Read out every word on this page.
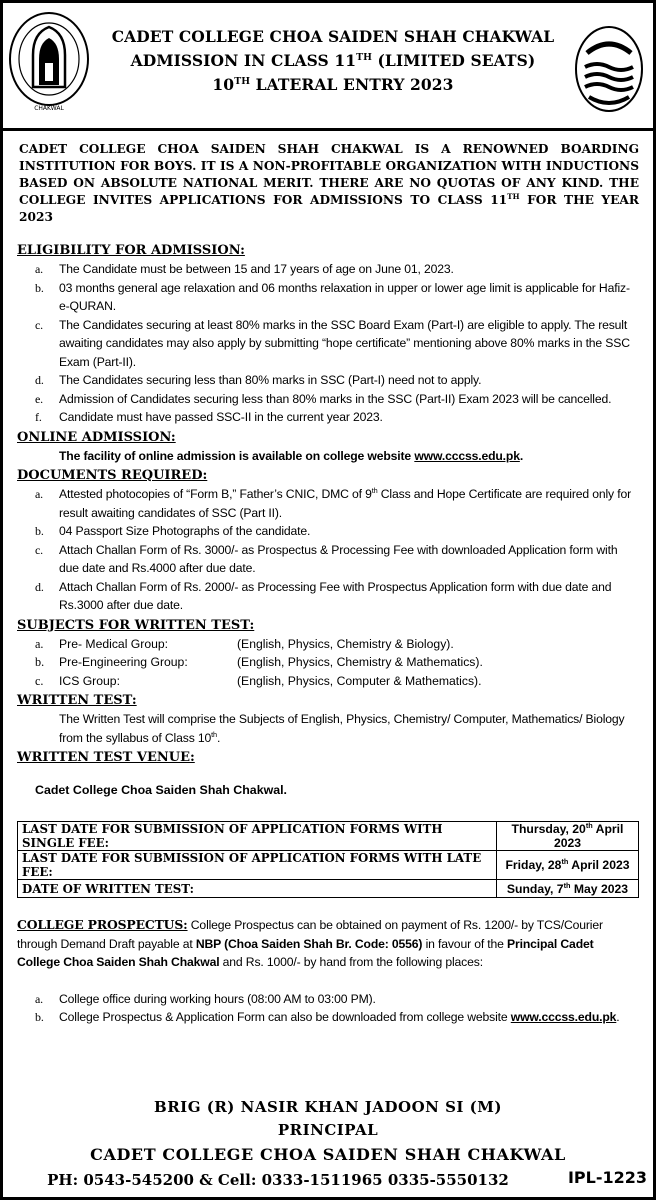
CHAKWAL
CADET COLLEGE CHOA SAIDEN SHAH CHAKWAL
ADMISSION IN CLASS 11TH (LIMITED SEATS)
10TH LATERAL ENTRY 2023
CADET COLLEGE CHOA SAIDEN SHAH CHAKWAL IS A RENOWNED BOARDING INSTITUTION FOR BOYS. IT IS A NON-PROFITABLE ORGANIZATION WITH INDUCTIONS BASED ON ABSOLUTE NATIONAL MERIT. THERE ARE NO QUOTAS OF ANY KIND. THE COLLEGE INVITES APPLICATIONS FOR ADMISSIONS TO CLASS 11TH FOR THE YEAR 2023
ELIGIBILITY FOR ADMISSION:
a. The Candidate must be between 15 and 17 years of age on June 01, 2023.
b. 03 months general age relaxation and 06 months relaxation in upper or lower age limit is applicable for Hafiz-e-QURAN.
c. The Candidates securing at least 80% marks in the SSC Board Exam (Part-I) are eligible to apply. The result awaiting candidates may also apply by submitting “hope certificate” mentioning above 80% marks in the SSC Exam (Part-II).
d. The Candidates securing less than 80% marks in SSC (Part-I) need not to apply.
e. Admission of Candidates securing less than 80% marks in the SSC (Part-II) Exam 2023 will be cancelled.
f. Candidate must have passed SSC-II in the current year 2023.
ONLINE ADMISSION:
The facility of online admission is available on college website www.cccss.edu.pk.
DOCUMENTS REQUIRED:
a. Attested photocopies of “Form B,” Father’s CNIC, DMC of 9th Class and Hope Certificate are required only for result awaiting candidates of SSC (Part II).
b. 04 Passport Size Photographs of the candidate.
c. Attach Challan Form of Rs. 3000/- as Prospectus & Processing Fee with downloaded Application form with due date and Rs.4000 after due date.
d. Attach Challan Form of Rs. 2000/- as Processing Fee with Prospectus Application form with due date and Rs.3000 after due date.
SUBJECTS FOR WRITTEN TEST:
a.	Pre- Medical Group:	(English, Physics, Chemistry & Biology).
b.	Pre-Engineering Group:	(English, Physics, Chemistry & Mathematics).
c.	ICS Group:	(English, Physics, Computer & Mathematics).
WRITTEN TEST:
The Written Test will comprise the Subjects of English, Physics, Chemistry/ Computer, Mathematics/ Biology from the syllabus of Class 10th.
WRITTEN TEST VENUE:
Cadet College Choa Saiden Shah Chakwal.
LAST DATE FOR SUBMISSION OF APPLICATION FORMS WITH SINGLE FEE:	Thursday, 20th April 2023
LAST DATE FOR SUBMISSION OF APPLICATION FORMS WITH LATE FEE:	Friday, 28th April 2023
DATE OF WRITTEN TEST:	Sunday, 7th May 2023
COLLEGE PROSPECTUS: College Prospectus can be obtained on payment of Rs. 1200/- by TCS/Courier through Demand Draft payable at NBP (Choa Saiden Shah Br. Code: 0556) in favour of the Principal Cadet College Choa Saiden Shah Chakwal and Rs. 1000/- by hand from the following places:
a. College office during working hours (08:00 AM to 03:00 PM).
b. College Prospectus & Application Form can also be downloaded from college website www.cccss.edu.pk.
BRIG (R) NASIR KHAN JADOON SI (M)
PRINCIPAL
CADET COLLEGE CHOA SAIDEN SHAH CHAKWAL
PH: 0543-545200 & Cell: 0333-1511965 0335-5550132	IPL-1223
